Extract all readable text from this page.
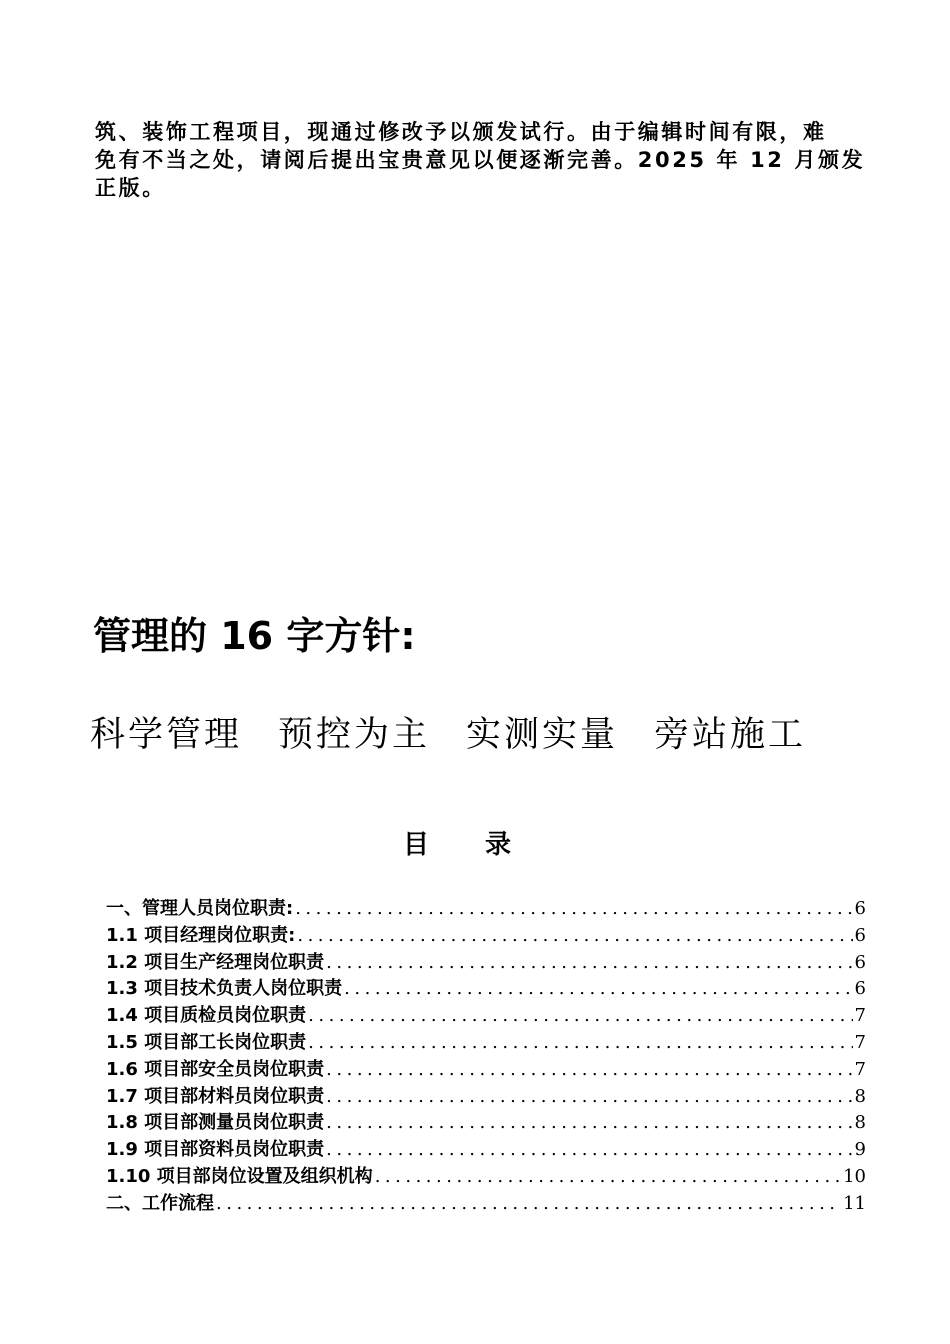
筑、装饰工程项目，现通过修改予以颁发试行。由于编辑时间有限，难
免有不当之处，请阅后提出宝贵意见以便逐渐完善。2025 年 12 月颁发
正版。
管理的 16 字方针:
科学管理 预控为主 实测实量 旁站施工
目录
一、管理人员岗位职责: .....	6
1.1 项目经理岗位职责: .....	6
1.2 项目生产经理岗位职责 .....	6
1.3 项目技术负责人岗位职责 .....	6
1.4 项目质检员岗位职责 .....	7
1.5 项目部工长岗位职责 .....	7
1.6 项目部安全员岗位职责 .....	7
1.7 项目部材料员岗位职责 .....	8
1.8 项目部测量员岗位职责 .....	8
1.9 项目部资料员岗位职责 .....	9
1.10 项目部岗位设置及组织机构 .....	10
二、工作流程 .....	11
